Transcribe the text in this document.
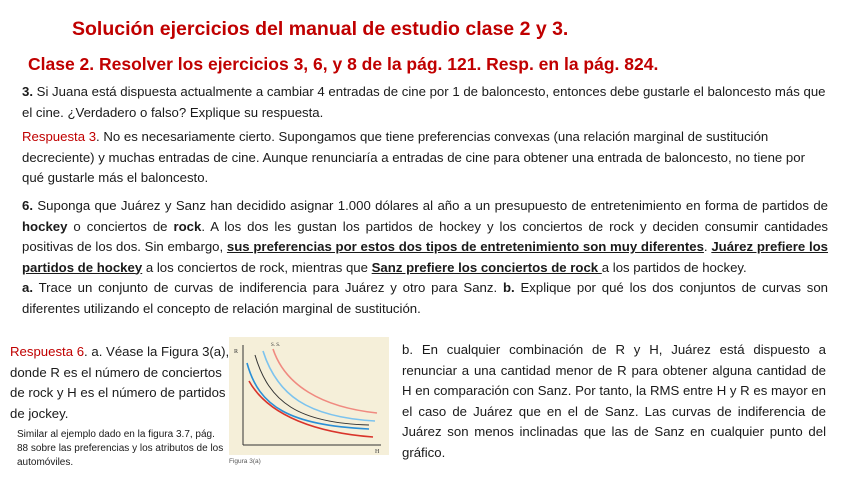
Solución ejercicios del manual de estudio clase 2 y 3.
Clase 2. Resolver los ejercicios 3, 6, y 8 de la pág. 121. Resp. en la pág. 824.
3. Si Juana está dispuesta actualmente a cambiar 4 entradas de cine por 1 de baloncesto, entonces debe gustarle el baloncesto más que el cine. ¿Verdadero o falso? Explique su respuesta.
Respuesta 3. No es necesariamente cierto. Supongamos que tiene preferencias convexas (una relación marginal de sustitución decreciente) y muchas entradas de cine. Aunque renunciaría a entradas de cine para obtener una entrada de baloncesto, no tiene por qué gustarle más el baloncesto.
6. Suponga que Juárez y Sanz han decidido asignar 1.000 dólares al año a un presupuesto de entretenimiento en forma de partidos de hockey o conciertos de rock. A los dos les gustan los partidos de hockey y los conciertos de rock y deciden consumir cantidades positivas de los dos. Sin embargo, sus preferencias por estos dos tipos de entretenimiento son muy diferentes. Juárez prefiere los partidos de hockey a los conciertos de rock, mientras que Sanz prefiere los conciertos de rock a los partidos de hockey.
a. Trace un conjunto de curvas de indiferencia para Juárez y otro para Sanz. b. Explique por qué los dos conjuntos de curvas son diferentes utilizando el concepto de relación marginal de sustitución.
Respuesta 6. a. Véase la Figura 3(a), donde R es el número de conciertos de rock y H es el número de partidos de jockey.
Similar al ejemplo dado en la figura 3.7, pág. 88 sobre las preferencias y los atributos de los automóviles.
R
H
S. S.
Figura 3(a)
b. En cualquier combinación de R y H, Juárez está dispuesto a renunciar a una cantidad menor de R para obtener alguna cantidad de H en comparación con Sanz. Por tanto, la RMS entre H y R es mayor en el caso de Juárez que en el de Sanz. Las curvas de indiferencia de Juárez son menos inclinadas que las de Sanz en cualquier punto del gráfico.
